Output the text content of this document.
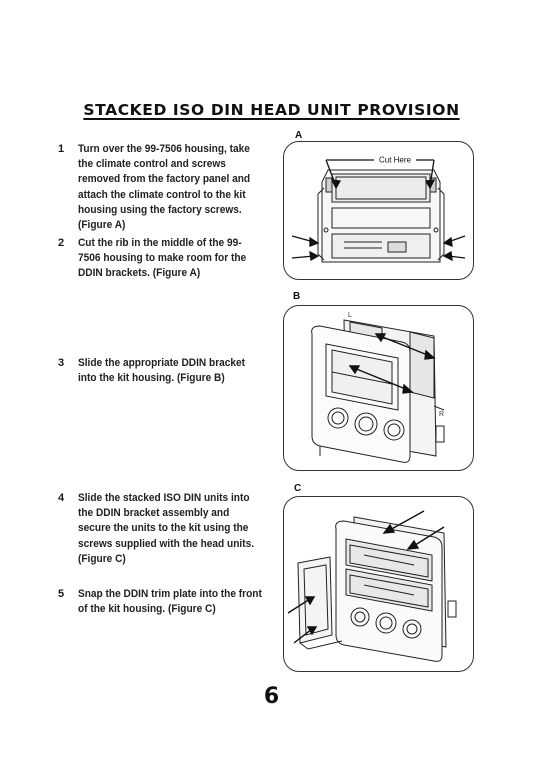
STACKED ISO DIN HEAD UNIT PROVISION
1	Turn over the 99-7506 housing, take the climate control and screws removed from the factory panel and attach the climate control to the kit housing using the factory screws. (Figure A)
2	Cut the rib in the middle of the 99-7506 housing to make room for the DDIN brackets. (Figure A)
3	Slide the appropriate DDIN bracket into the kit housing. (Figure B)
4	Slide the stacked ISO DIN units into the DDIN bracket assembly and secure the units to the kit using the screws supplied with the head units. (Figure C)
5	Snap the DDIN trim plate into the front of the kit housing. (Figure C)
A
Cut Here
B
L
R
C
6
